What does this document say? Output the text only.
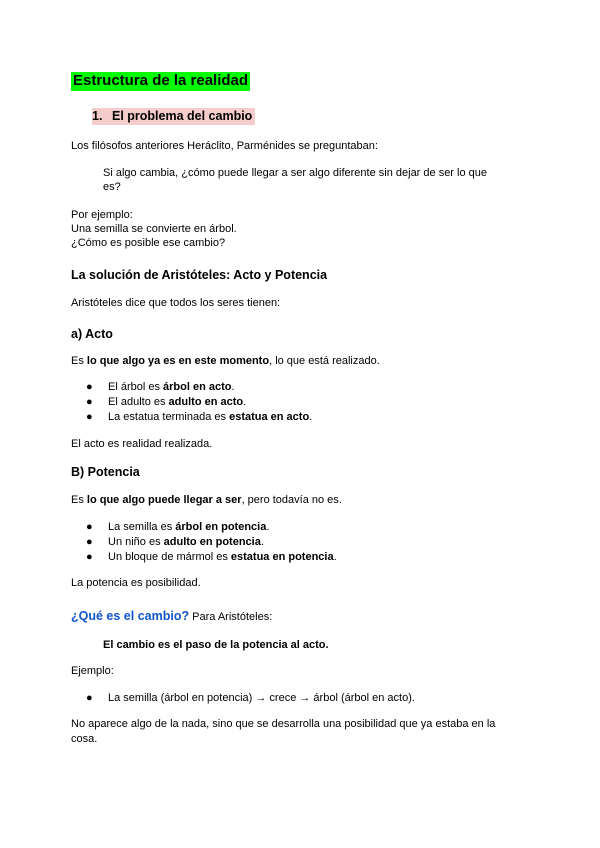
Estructura de la realidad
1. El problema del cambio
Los filósofos anteriores Heráclito, Parménides se preguntaban:
Si algo cambia, ¿cómo puede llegar a ser algo diferente sin dejar de ser lo que
es?
Por ejemplo:
Una semilla se convierte en árbol.
¿Cómo es posible ese cambio?
La solución de Aristóteles: Acto y Potencia
Aristóteles dice que todos los seres tienen:
a) Acto
Es lo que algo ya es en este momento, lo que está realizado.
● El árbol es árbol en acto.
● El adulto es adulto en acto.
● La estatua terminada es estatua en acto.
El acto es realidad realizada.
B) Potencia
Es lo que algo puede llegar a ser, pero todavía no es.
● La semilla es árbol en potencia.
● Un niño es adulto en potencia.
● Un bloque de mármol es estatua en potencia.
La potencia es posibilidad.
¿Qué es el cambio? Para Aristóteles:
El cambio es el paso de la potencia al acto.
Ejemplo:
● La semilla (árbol en potencia) → crece → árbol (árbol en acto).
No aparece algo de la nada, sino que se desarrolla una posibilidad que ya estaba en la
cosa.
